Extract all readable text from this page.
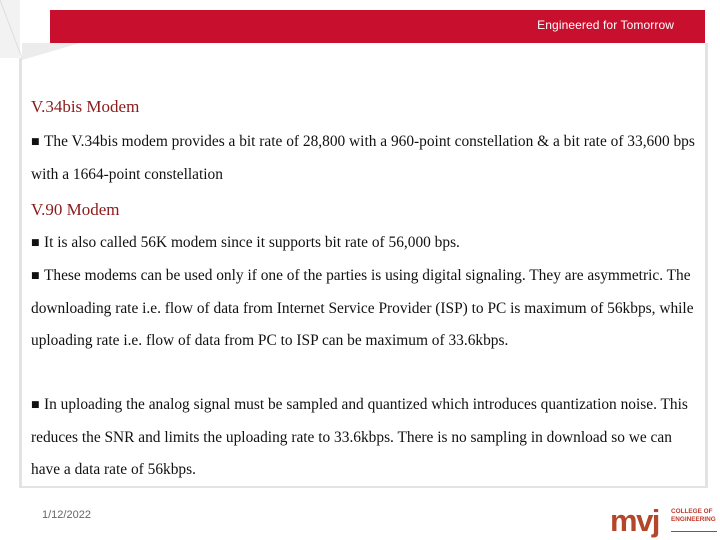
Engineered for Tomorrow
V.34bis Modem
■ The V.34bis modem provides a bit rate of 28,800 with a 960-point constellation & a bit rate of 33,600 bps with a 1664-point constellation
V.90 Modem
■ It is also called 56K modem since it supports bit rate of 56,000 bps.
■ These modems can be used only if one of the parties is using digital signaling. They are asymmetric. The downloading rate i.e. flow of data from Internet Service Provider (ISP) to PC is maximum of 56kbps, while uploading rate i.e. flow of data from PC to ISP can be maximum of 33.6kbps.
■ In uploading the analog signal must be sampled and quantized which introduces quantization noise. This reduces the SNR and limits the uploading rate to 33.6kbps. There is no sampling in download so we can have a data rate of 56kbps.
1/12/2022	mvj COLLEGE OF
ENGINEERING
